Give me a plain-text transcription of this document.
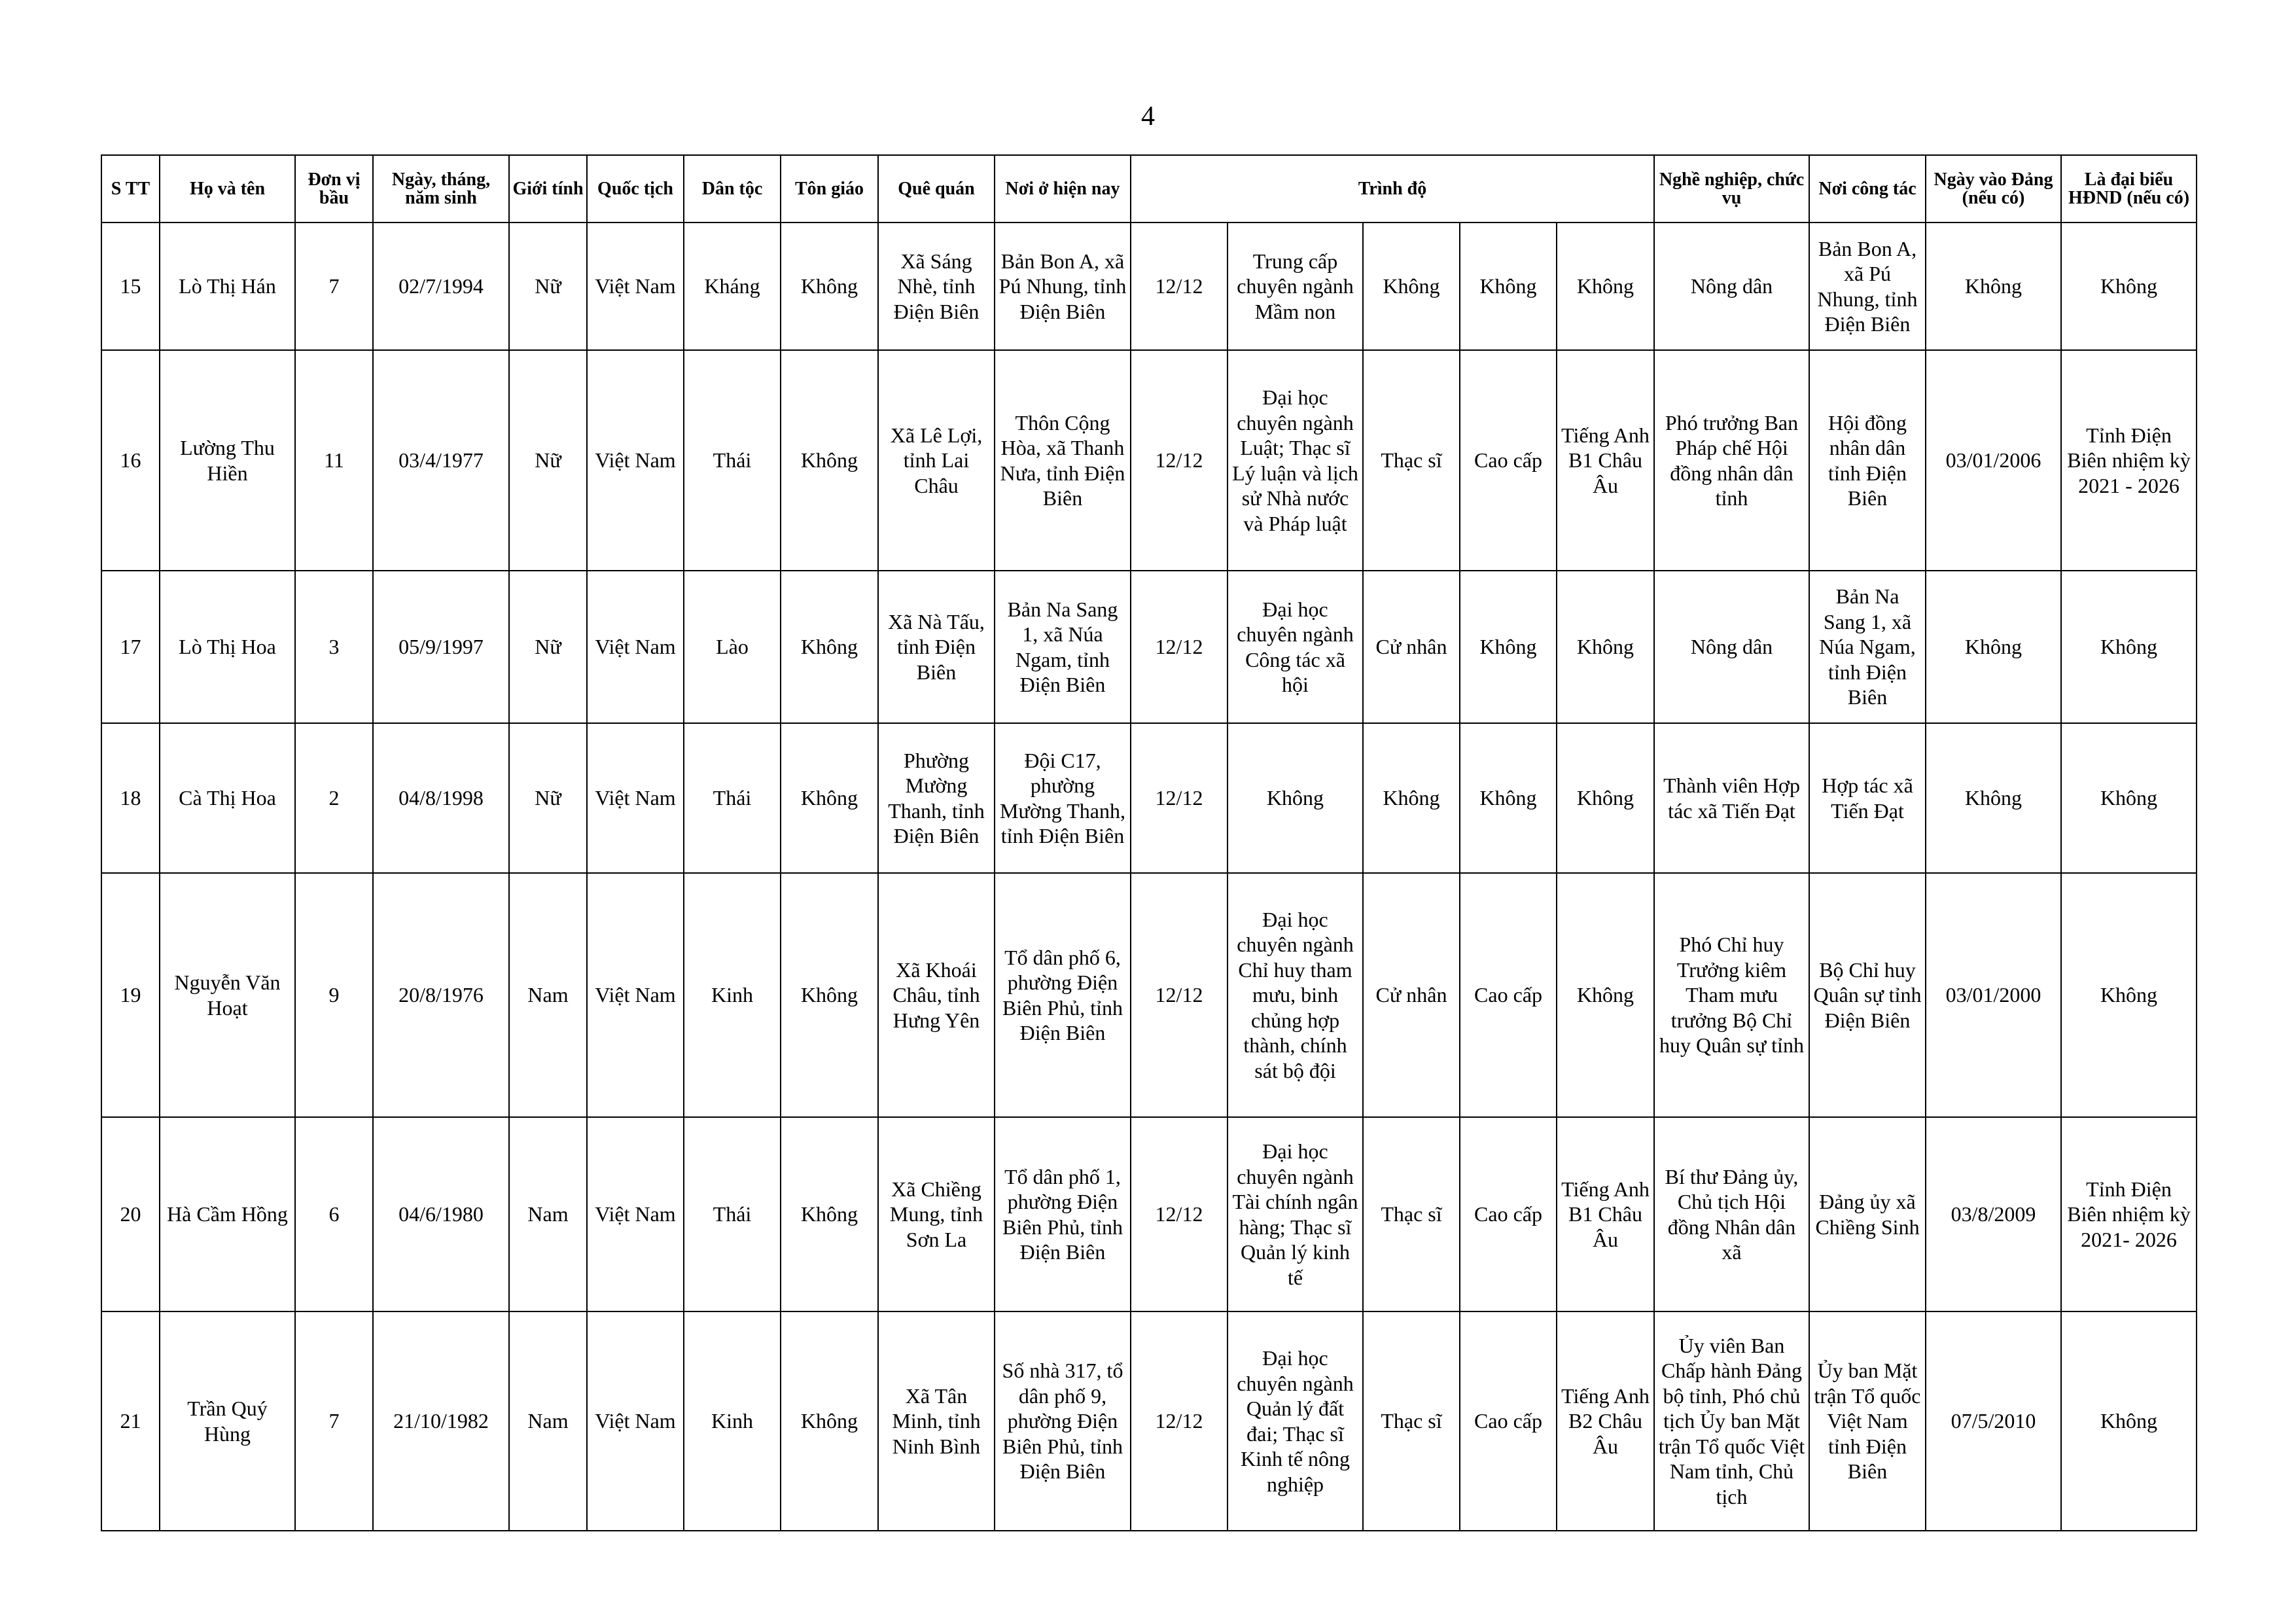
4
S TT	Họ và tên	Đơn vị bầu	Ngày, tháng, năm sinh	Giới tính	Quốc tịch	Dân tộc	Tôn giáo	Quê quán	Nơi ở hiện nay	Trình độ					Nghề nghiệp, chức vụ	Nơi công tác	Ngày vào Đảng (nếu có)	Là đại biểu HĐND (nếu có)
15	Lò Thị Hán	7	02/7/1994	Nữ	Việt Nam	Kháng	Không	Xã Sáng Nhè, tỉnh Điện Biên	Bản Bon A, xã Pú Nhung, tỉnh Điện Biên	12/12	Trung cấp chuyên ngành Mầm non	Không	Không	Không	Nông dân	Bản Bon A, xã Pú Nhung, tỉnh Điện Biên	Không	Không
16	Lường Thu Hiền	11	03/4/1977	Nữ	Việt Nam	Thái	Không	Xã Lê Lợi, tỉnh Lai Châu	Thôn Cộng Hòa, xã Thanh Nưa, tỉnh Điện Biên	12/12	Đại học chuyên ngành Luật; Thạc sĩ Lý luận và lịch sử Nhà nước và Pháp luật	Thạc sĩ	Cao cấp	Tiếng Anh B1 Châu Âu	Phó trưởng Ban Pháp chế Hội đồng nhân dân tỉnh	Hội đồng nhân dân tỉnh Điện Biên	03/01/2006	Tỉnh Điện Biên nhiệm kỳ 2021 - 2026
17	Lò Thị Hoa	3	05/9/1997	Nữ	Việt Nam	Lào	Không	Xã Nà Tấu, tỉnh Điện Biên	Bản Na Sang 1, xã Núa Ngam, tỉnh Điện Biên	12/12	Đại học chuyên ngành Công tác xã hội	Cử nhân	Không	Không	Nông dân	Bản Na Sang 1, xã Núa Ngam, tỉnh Điện Biên	Không	Không
18	Cà Thị Hoa	2	04/8/1998	Nữ	Việt Nam	Thái	Không	Phường Mường Thanh, tỉnh Điện Biên	Đội C17, phường Mường Thanh, tỉnh Điện Biên	12/12	Không	Không	Không	Không	Thành viên Hợp tác xã Tiến Đạt	Hợp tác xã Tiến Đạt	Không	Không
19	Nguyễn Văn Hoạt	9	20/8/1976	Nam	Việt Nam	Kinh	Không	Xã Khoái Châu, tỉnh Hưng Yên	Tổ dân phố 6, phường Điện Biên Phủ, tỉnh Điện Biên	12/12	Đại học chuyên ngành Chỉ huy tham mưu, binh chủng hợp thành, chính sát bộ đội	Cử nhân	Cao cấp	Không	Phó Chỉ huy Trưởng kiêm Tham mưu trưởng Bộ Chỉ huy Quân sự tỉnh	Bộ Chỉ huy Quân sự tỉnh Điện Biên	03/01/2000	Không
20	Hà Cầm Hồng	6	04/6/1980	Nam	Việt Nam	Thái	Không	Xã Chiềng Mung, tỉnh Sơn La	Tổ dân phố 1, phường Điện Biên Phủ, tỉnh Điện Biên	12/12	Đại học chuyên ngành Tài chính ngân hàng; Thạc sĩ Quản lý kinh tế	Thạc sĩ	Cao cấp	Tiếng Anh B1 Châu Âu	Bí thư Đảng ủy, Chủ tịch Hội đồng Nhân dân xã	Đảng ủy xã Chiềng Sinh	03/8/2009	Tỉnh Điện Biên nhiệm kỳ 2021- 2026
21	Trần Quý Hùng	7	21/10/1982	Nam	Việt Nam	Kinh	Không	Xã Tân Minh, tỉnh Ninh Bình	Số nhà 317, tổ dân phố 9, phường Điện Biên Phủ, tỉnh Điện Biên	12/12	Đại học chuyên ngành Quản lý đất đai; Thạc sĩ Kinh tế nông nghiệp	Thạc sĩ	Cao cấp	Tiếng Anh B2 Châu Âu	Ủy viên Ban Chấp hành Đảng bộ tỉnh, Phó chủ tịch Ủy ban Mặt trận Tổ quốc Việt Nam tỉnh, Chủ tịch	Ủy ban Mặt trận Tổ quốc Việt Nam tỉnh Điện Biên	07/5/2010	Không
